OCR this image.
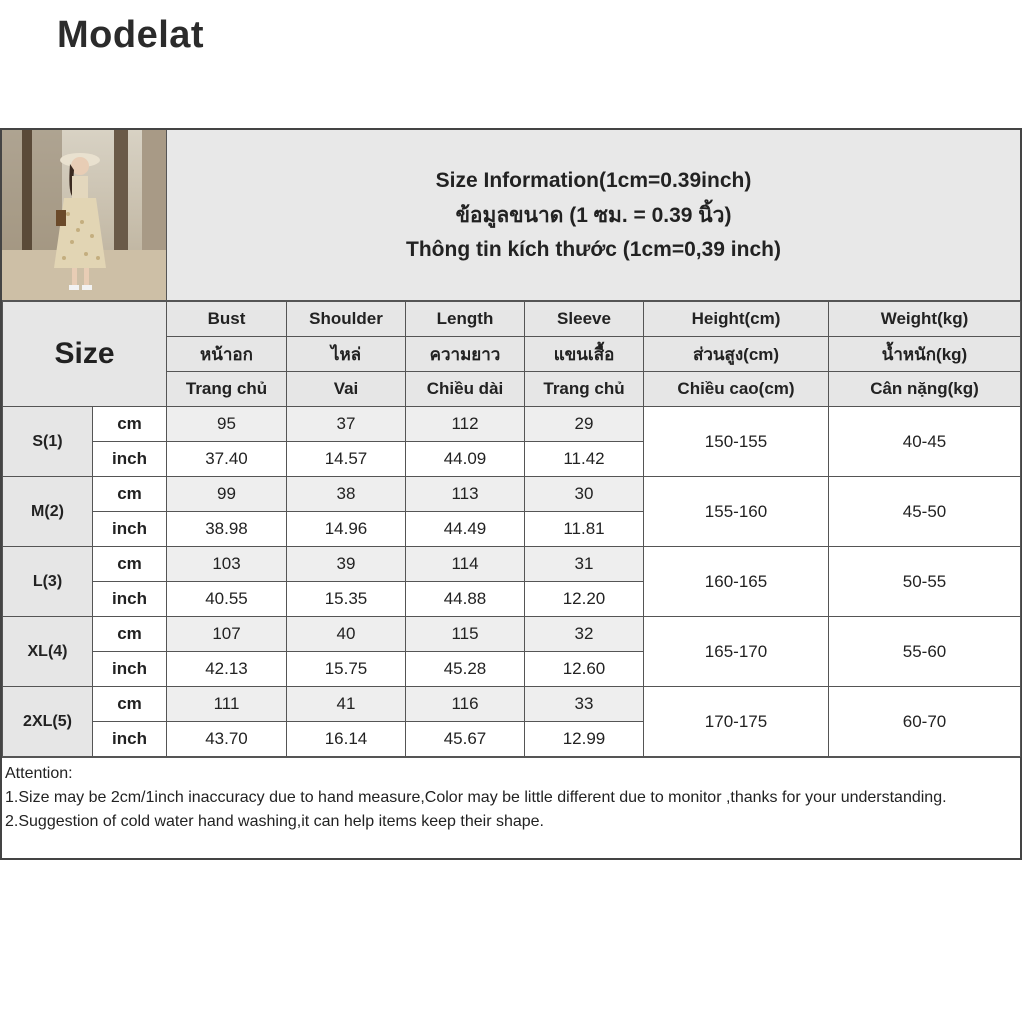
Modelat
Size Information(1cm=0.39inch)
ข้อมูลขนาด (1 ซม. = 0.39 นิ้ว)
Thông tin kích thước (1cm=0,39 inch)
Size		Bust	Shoulder	Length	Sleeve	Height(cm)	Weight(kg)
		หน้าอก	ไหล่	ความยาว	แขนเสื้อ	ส่วนสูง(cm)	น้ำหนัก(kg)
		Trang chủ	Vai	Chiều dài	Trang chủ	Chiều cao(cm)	Cân nặng(kg)
S(1)	cm	95	37	112	29	150-155	40-45
	inch	37.40	14.57	44.09	11.42		
M(2)	cm	99	38	113	30	155-160	45-50
	inch	38.98	14.96	44.49	11.81		
L(3)	cm	103	39	114	31	160-165	50-55
	inch	40.55	15.35	44.88	12.20		
XL(4)	cm	107	40	115	32	165-170	55-60
	inch	42.13	15.75	45.28	12.60		
2XL(5)	cm	111	41	116	33	170-175	60-70
	inch	43.70	16.14	45.67	12.99		
Attention:
1.Size may be 2cm/1inch inaccuracy due to hand measure,Color may be little different due to monitor ,thanks for your understanding.
2.Suggestion of cold water hand washing,it can help items keep their shape.
